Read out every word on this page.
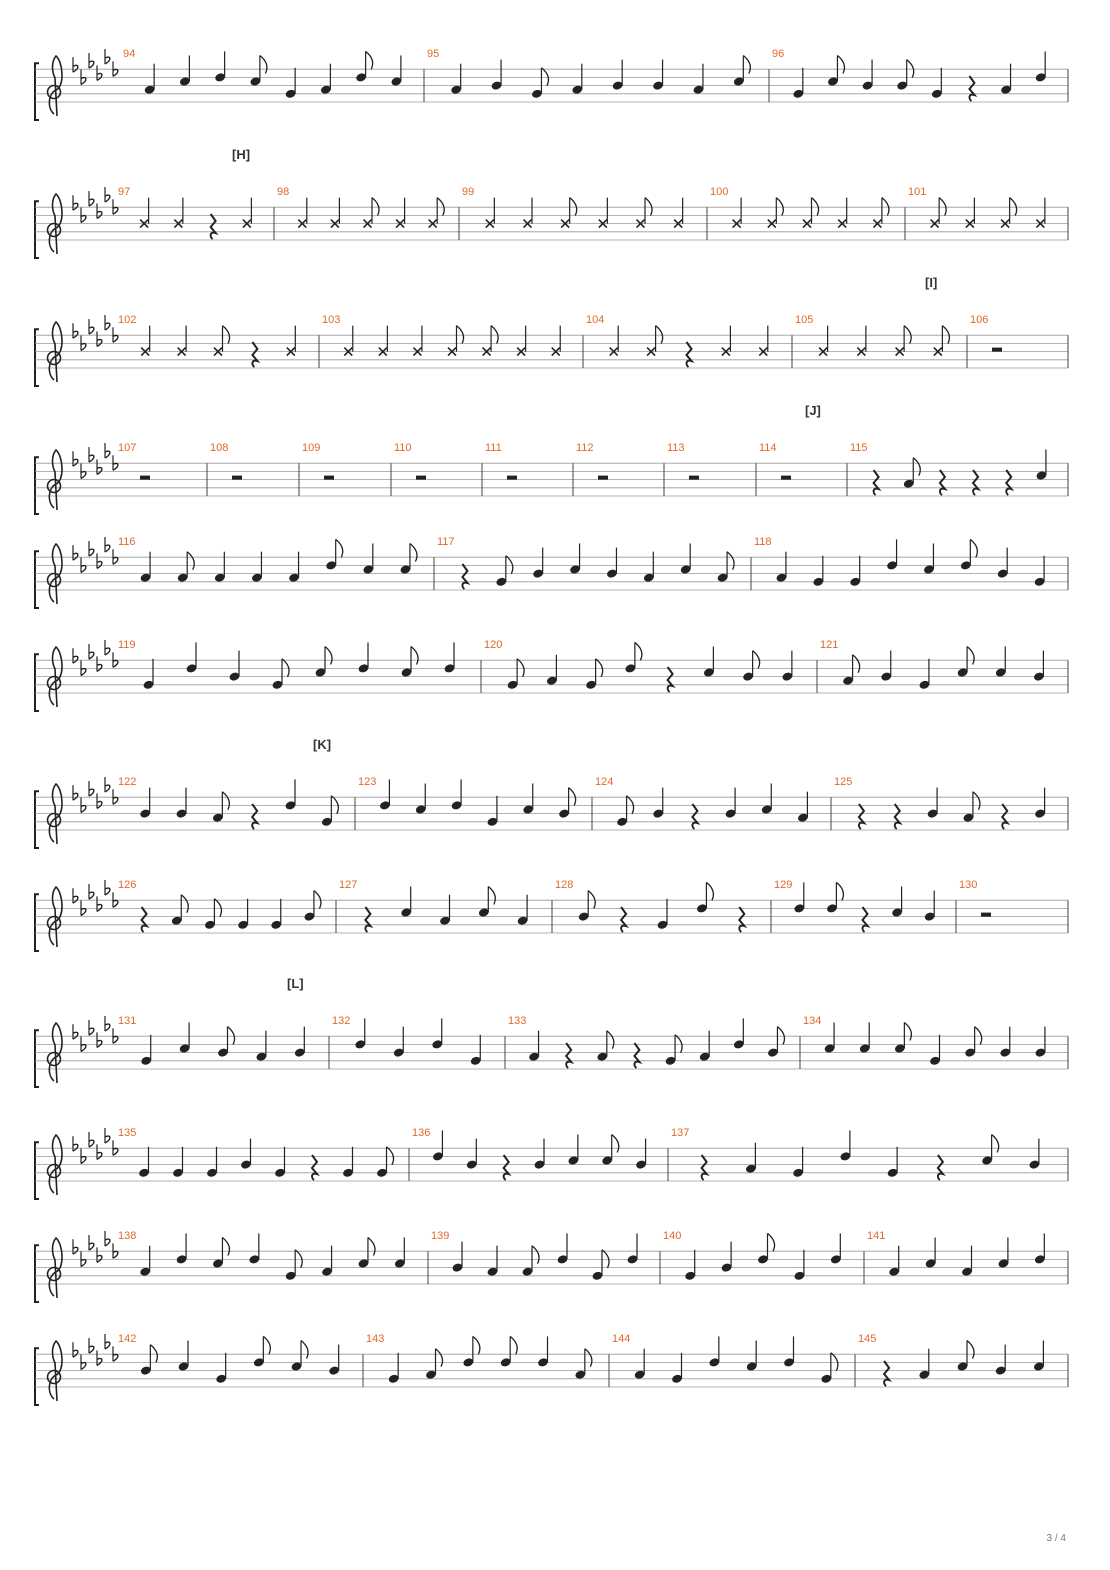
94	95	96
97	98
[H]
99	100	101
102	103	104	105	106
[I]
107	108	109	110	111	112	113	114	115
[J]
116	117	118
119	120	121
122	123
[K]
124	125
126	127	128	129	130
131	132
[L]
133	134
135	136	137
138	139	140	141
142	143	144	145
3 / 4
